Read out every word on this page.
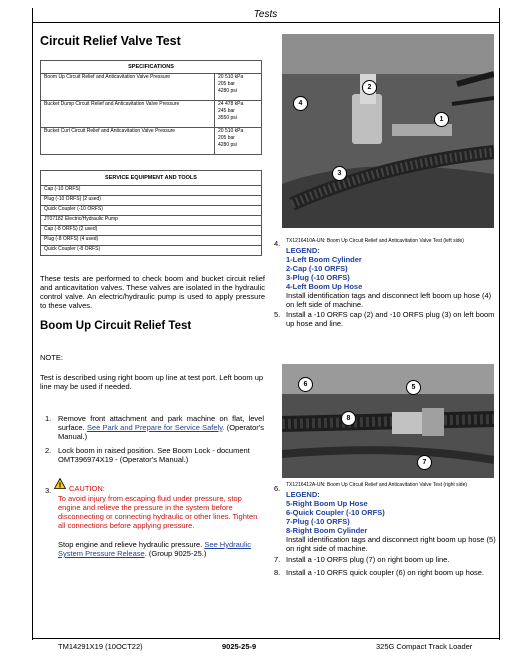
Tests
Circuit Relief Valve Test
SPECIFICATIONS	
Boom Up Circuit Relief and Anticavitation Valve Pressure	20 510 kPa
205 bar
4280 psi

Bucket Dump Circuit Relief and Anticavitation Valve Pressure	24 478 kPa
245 bar
3550 psi

Bucket Curl Circuit Relief and Anticavitation Valve Pressure	20 510 kPa
205 bar
4280 psi
SERVICE EQUIPMENT AND TOOLS
Cap (-10 ORFS)
Plug (-10 ORFS) (2 used)
Quick Coupler (-10 ORFS)
JT07182 Electric/Hydraulic Pump
Cap (-8 ORFS) (2 used)
Plug (-8 ORFS) (4 used)
Quick Coupler (-8 ORFS)
These tests are performed to check boom and bucket circuit relief and anticavitation valves. These valves are isolated in the hydraulic control valve. An electric/hydraulic pump is used to apply pressure to these valves.
Boom Up Circuit Relief Test
NOTE:
Test is described using right boom up line at test port. Left boom up line may be used if needed.
1. Remove front attachment and park machine on flat, level surface. See Park and Prepare for Service Safely. (Operator's Manual.)
2. Lock boom in raised position. See Boom Lock - document OMT396974X19 - (Operator's Manual.)
3.
! CAUTION:
To avoid injury from escaping fluid under pressure, stop engine and relieve the pressure in the system before disconnecting or connecting hydraulic or other lines. Tighten all connections before applying pressure.
Stop engine and relieve hydraulic pressure. See Hydraulic System Pressure Release. (Group 9025-25.)
2
4
1
3
4. TX1216410A-UN: Boom Up Circuit Relief and Anticavitation Valve Test (left side)
LEGEND:
1-Left Boom Cylinder
2-Cap (-10 ORFS)
3-Plug (-10 ORFS)
4-Left Boom Up Hose
Install identification tags and disconnect left boom up hose (4) on left side of machine.
5. Install a -10 ORFS cap (2) and -10 ORFS plug (3) on left boom up hose and line.
6	5
8
7
6. TX1216412A-UN: Boom Up Circuit Relief and Anticavitation Valve Test (right side)
LEGEND:
5-Right Boom Up Hose
6-Quick Coupler (-10 ORFS)
7-Plug (-10 ORFS)
8-Right Boom Cylinder
Install identification tags and disconnect right boom up hose (5) on right side of machine.
7. Install a -10 ORFS plug (7) on right boom up line.
8. Install a -10 ORFS quick coupler (6) on right boom up hose.
TM14291X19 (10OCT22)	9025-25-9	325G Compact Track Loader
